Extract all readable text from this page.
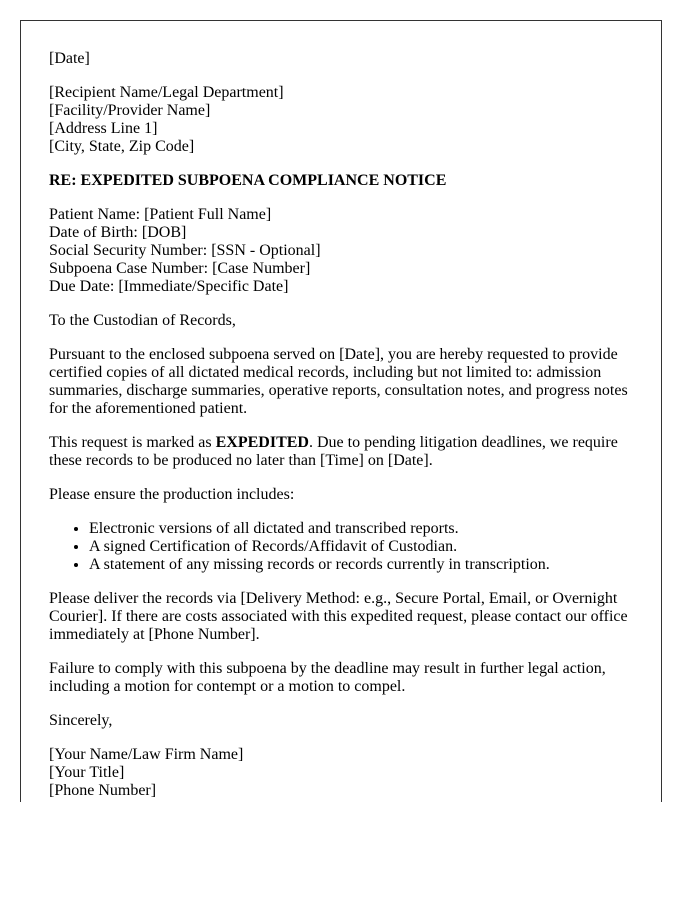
[Date]

[Recipient Name/Legal Department]
[Facility/Provider Name]
[Address Line 1]
[City, State, Zip Code]

RE: EXPEDITED SUBPOENA COMPLIANCE NOTICE

Patient Name: [Patient Full Name]
Date of Birth: [DOB]
Social Security Number: [SSN - Optional]
Subpoena Case Number: [Case Number]
Due Date: [Immediate/Specific Date]

To the Custodian of Records,

Pursuant to the enclosed subpoena served on [Date], you are hereby requested to provide certified copies of all dictated medical records, including but not limited to: admission summaries, discharge summaries, operative reports, consultation notes, and progress notes for the aforementioned patient.

This request is marked as EXPEDITED. Due to pending litigation deadlines, we require these records to be produced no later than [Time] on [Date].

Please ensure the production includes:

• Electronic versions of all dictated and transcribed reports.
• A signed Certification of Records/Affidavit of Custodian.
• A statement of any missing records or records currently in transcription.

Please deliver the records via [Delivery Method: e.g., Secure Portal, Email, or Overnight Courier]. If there are costs associated with this expedited request, please contact our office immediately at [Phone Number].

Failure to comply with this subpoena by the deadline may result in further legal action, including a motion for contempt or a motion to compel.

Sincerely,

[Your Name/Law Firm Name]
[Your Title]
[Phone Number]
